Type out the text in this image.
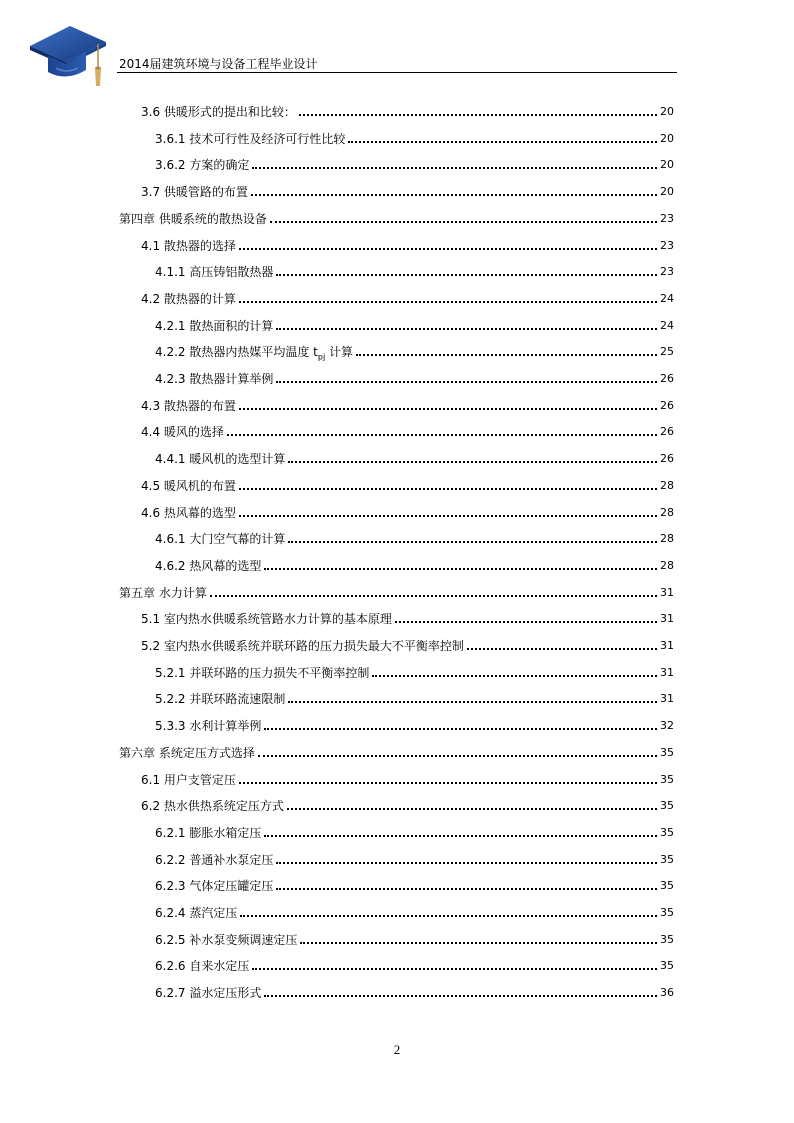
2014届建筑环境与设备工程毕业设计
3.6 供暖形式的提出和比较：	20
3.6.1 技术可行性及经济可行性比较	20
3.6.2 方案的确定	20
3.7 供暖管路的布置	20
第四章 供暖系统的散热设备	23
4.1 散热器的选择	23
4.1.1 高压铸铝散热器	23
4.2 散热器的计算	24
4.2.1 散热面积的计算	24
4.2.2 散热器内热媒平均温度 $t_{pj}$ 计算	25
4.2.3 散热器计算举例	26
4.3 散热器的布置	26
4.4 暖风的选择	26
4.4.1 暖风机的选型计算	26
4.5 暖风机的布置	28
4.6 热风幕的选型	28
4.6.1 大门空气幕的计算	28
4.6.2 热风幕的选型	28
第五章 水力计算	31
5.1 室内热水供暖系统管路水力计算的基本原理	31
5.2 室内热水供暖系统并联环路的压力损失最大不平衡率控制	31
5.2.1 并联环路的压力损失不平衡率控制	31
5.2.2 并联环路流速限制	31
5.3.3 水利计算举例	32
第六章 系统定压方式选择	35
6.1 用户支管定压	35
6.2 热水供热系统定压方式	35
6.2.1 膨胀水箱定压	35
6.2.2 普通补水泵定压	35
6.2.3 气体定压罐定压	35
6.2.4 蒸汽定压	35
6.2.5 补水泵变频调速定压	35
6.2.6 自来水定压	35
6.2.7 溢水定压形式	36
2
